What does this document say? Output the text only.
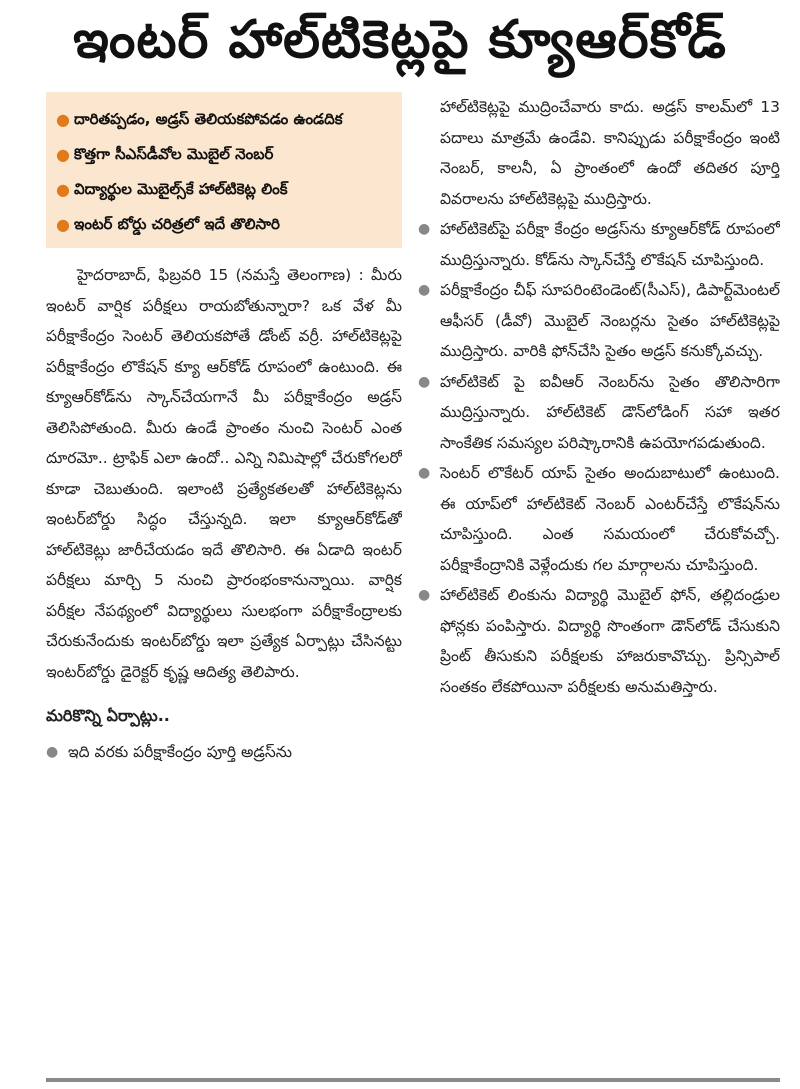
ఇంటర్ హాల్‌టికెట్లపై క్యూఆర్‌కోడ్
● దారితప్పడం, అడ్రస్ తెలియకపోవడం ఉండదిక
● కొత్తగా సీఎస్‌డీవోల మొబైల్ నెంబర్
● విద్యార్థుల మొబైల్స్‌కే హాల్‌టికెట్ల లింక్
● ఇంటర్ బోర్డు చరిత్రలో ఇదే తొలిసారి

హైదరాబాద్, ఫిబ్రవరి 15 (నమస్తే తెలంగాణ) : మీరు ఇంటర్ వార్షిక పరీక్షలు రాయబోతున్నారా? ఒక వేళ మీ పరీక్షాకేంద్రం సెంటర్ తెలియకపోతే డోంట్ వర్రీ. హాల్‌టికెట్లపై పరీక్షాకేంద్రం లొకేషన్ క్యూ ఆర్‌కోడ్ రూపంలో ఉంటుంది. ఈ క్యూఆర్‌కోడ్‌ను స్కాన్‌చేయగానే మీ పరీక్షాకేంద్రం అడ్రస్ తెలిసిపోతుంది. మీరు ఉండే ప్రాంతం నుంచి సెంటర్ ఎంత దూరమో.. ట్రాఫిక్ ఎలా ఉందో.. ఎన్ని నిమిషాల్లో చేరుకోగలరో కూడా చెబుతుంది. ఇలాంటి ప్రత్యేకతలతో హాల్‌టికెట్లను ఇంటర్‌బోర్డు సిద్ధం చేస్తున్నది. ఇలా క్యూఆర్‌కోడ్‌తో హాల్‌టికెట్లు జారీచేయడం ఇదే తొలిసారి. ఈ ఏడాది ఇంటర్ పరీక్షలు మార్చి 5 నుంచి ప్రారంభంకానున్నాయి. వార్షిక పరీక్షల నేపథ్యంలో విద్యార్థులు సులభంగా పరీక్షాకేంద్రాలకు చేరుకునేందుకు ఇంటర్‌బోర్డు ఇలా ప్రత్యేక ఏర్పాట్లు చేసినట్టు ఇంటర్‌బోర్డు డైరెక్టర్ కృష్ణ ఆదిత్య తెలిపారు.

మరికొన్ని ఏర్పాట్లు..
● ఇది వరకు పరీక్షాకేంద్రం పూర్తి అడ్రస్‌ను

హాల్‌టికెట్లపై ముద్రించేవారు కాదు. అడ్రస్ కాలమ్‌లో 13 పదాలు మాత్రమే ఉండేవి. కానిప్పుడు పరీక్షాకేంద్రం ఇంటి నెంబర్, కాలనీ, ఏ ప్రాంతంలో ఉందో తదితర పూర్తి వివరాలను హాల్‌టికెట్లపై ముద్రిస్తారు.

● హాల్‌టికెట్‌పై పరీక్షా కేంద్రం అడ్రస్‌ను క్యూఆర్‌కోడ్ రూపంలో ముద్రిస్తున్నారు. కోడ్‌ను స్కాన్‌చేస్తే లొకేషన్ చూపిస్తుంది.
● పరీక్షాకేంద్రం చీఫ్ సూపరింటెండెంట్(సీఎస్), డిపార్ట్‌మెంటల్ ఆఫీసర్ (డీవో) మొబైల్ నెంబర్లను సైతం హాల్‌టికెట్లపై ముద్రిస్తారు. వారికి ఫోన్‌చేసి సైతం అడ్రస్ కనుక్కోవచ్చు.
● హాల్‌టికెట్ పై ఐవీఆర్ నెంబర్‌ను సైతం తొలిసారిగా ముద్రిస్తున్నారు. హాల్‌టికెట్ డౌన్‌లోడింగ్ సహా ఇతర సాంకేతిక సమస్యల పరిష్కారానికి ఉపయోగపడుతుంది.
● సెంటర్ లొకేటర్ యాప్ సైతం అందుబాటులో ఉంటుంది. ఈ యాప్‌లో హాల్‌టికెట్ నెంబర్ ఎంటర్‌చేస్తే లొకేషన్‌ను చూపిస్తుంది. ఎంత సమయంలో చేరుకోవచ్చో. పరీక్షాకేంద్రానికి వెళ్లేందుకు గల మార్గాలను చూపిస్తుంది.
● హాల్‌టికెట్ లింకును విద్యార్థి మొబైల్ ఫోన్, తల్లిదండ్రుల ఫోన్లకు పంపిస్తారు. విద్యార్థి సొంతంగా డౌన్‌లోడ్ చేసుకుని ప్రింట్ తీసుకుని పరీక్షలకు హాజరుకావొచ్చు. ప్రిన్సిపాల్ సంతకం లేకపోయినా పరీక్షలకు అనుమతిస్తారు.
